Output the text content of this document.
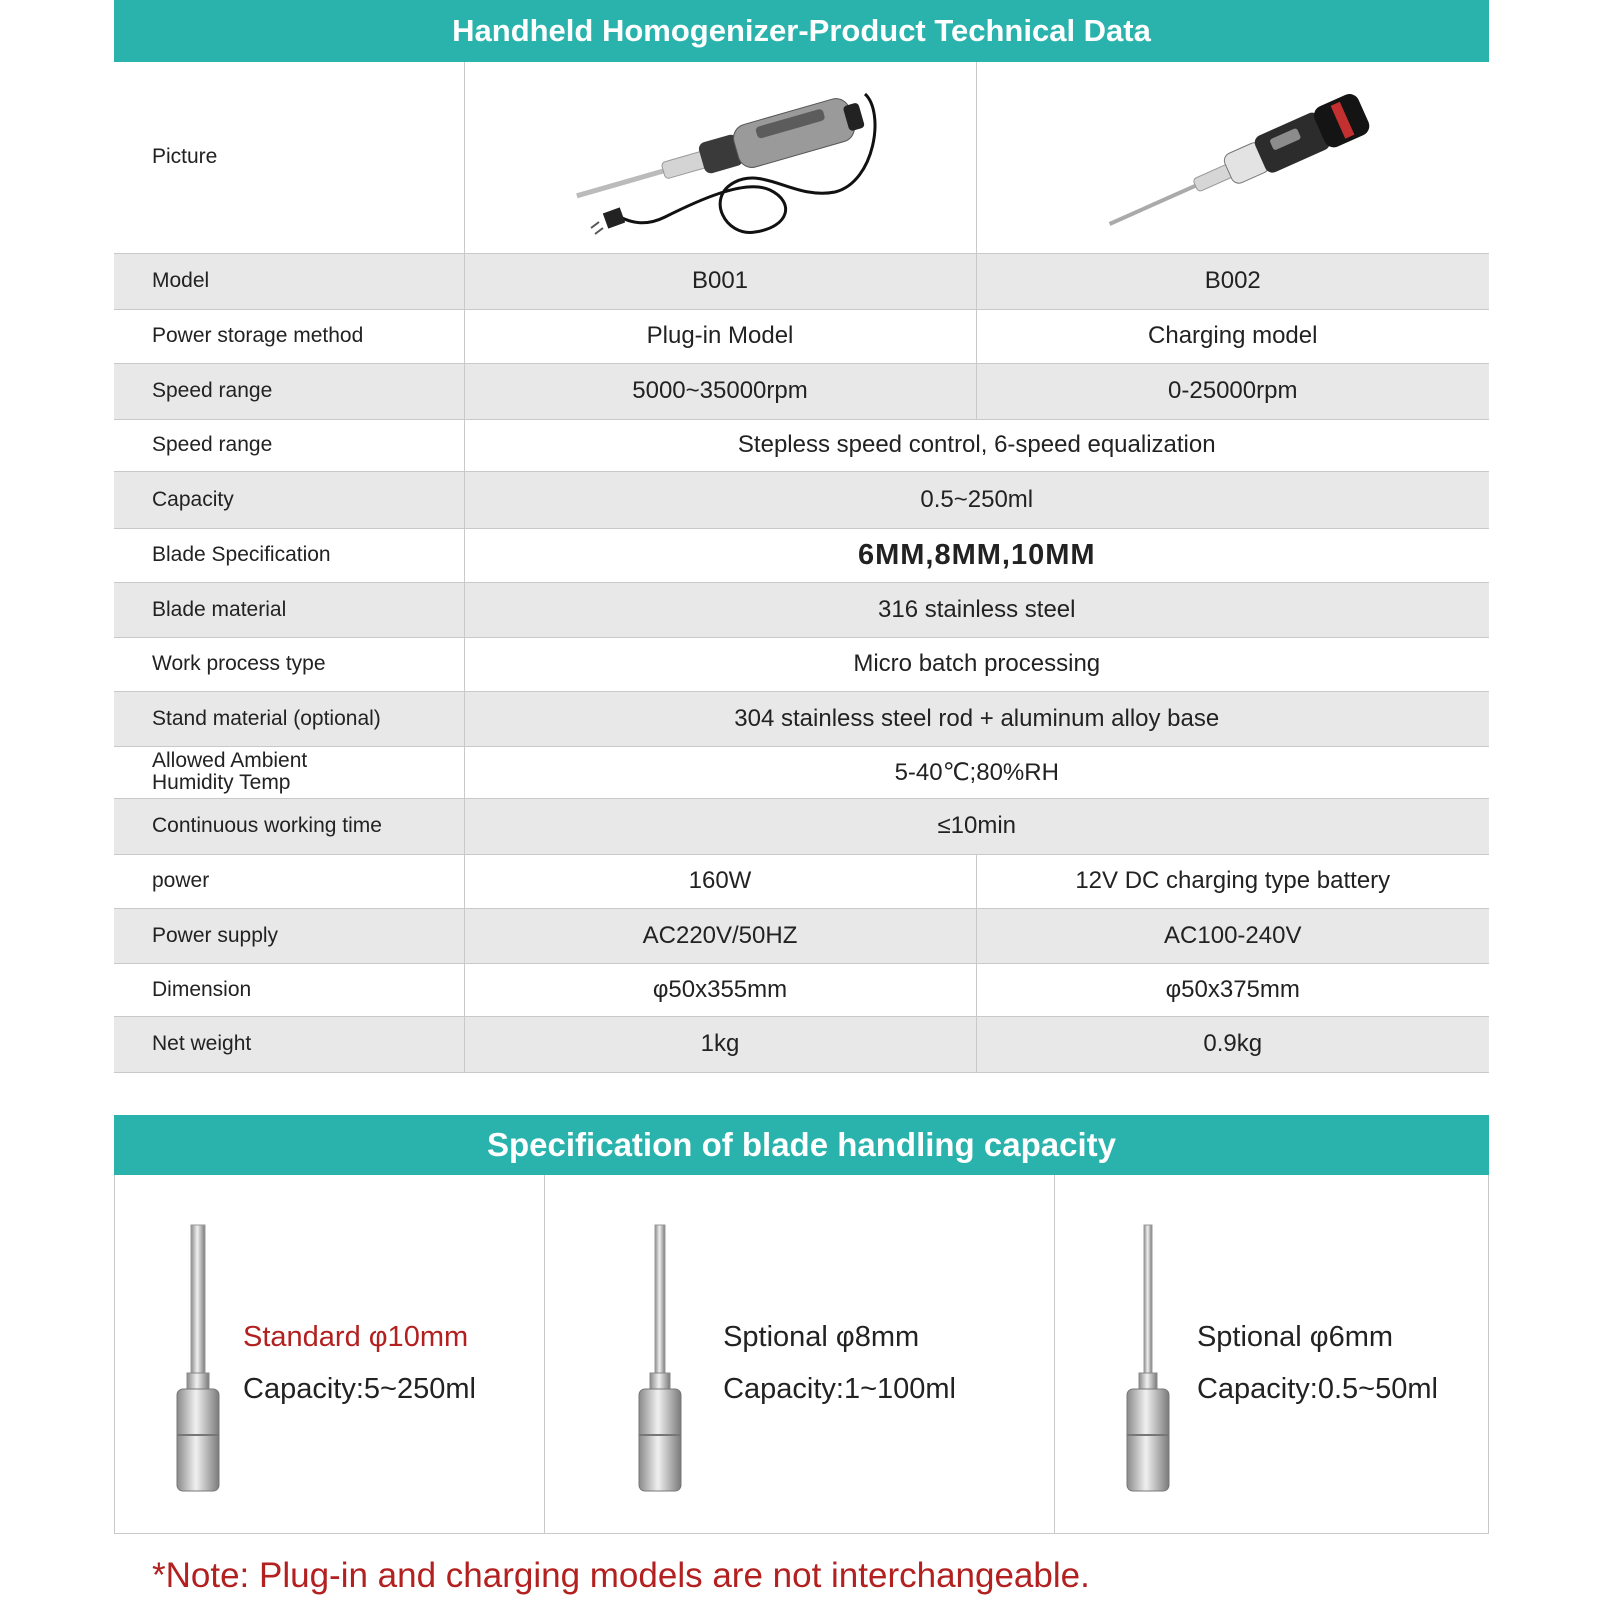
Handheld Homogenizer-Product Technical Data
Picture	

Model	B001	B002
Power storage method	Plug-in Model	Charging model
Speed range	5000~35000rpm	0-25000rpm
Speed range	Stepless speed control, 6-speed equalization	
Capacity	0.5~250ml	
Blade Specification	6MM,8MM,10MM	
Blade material	316 stainless steel	
Work process type	Micro batch processing	
Stand material (optional)	304 stainless steel rod + aluminum alloy base	

Allowed Ambient
Humidity Temp	5-40℃;80%RH	
Continuous working time	≤10min	
power	160W	12V DC charging type battery
Power supply	AC220V/50HZ	AC100-240V
Dimension	φ50x355mm	φ50x375mm
Net weight	1kg	0.9kg
Specification of blade handling capacity
Standard φ10mm
Capacity:5~250ml
Sptional φ8mm
Capacity:1~100ml
Sptional φ6mm
Capacity:0.5~50ml
*Note: Plug-in and charging models are not interchangeable.
